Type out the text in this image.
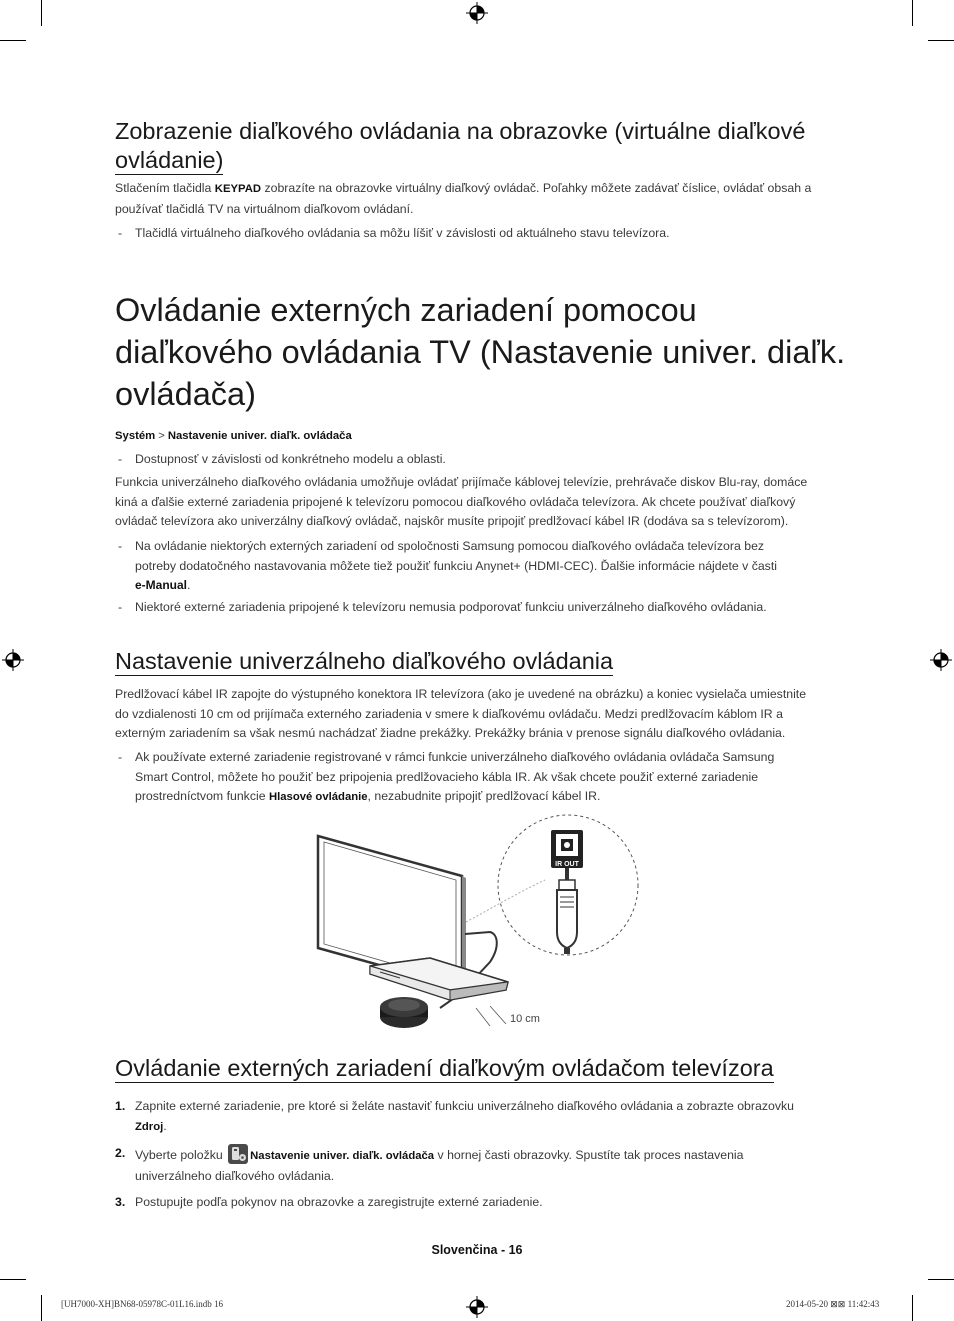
Zobrazenie diaľkového ovládania na obrazovke (virtuálne diaľkové
ovládanie)
Stlačením tlačidla KEYPAD zobrazíte na obrazovke virtuálny diaľkový ovládač. Poľahky môžete zadávať číslice, ovládať obsah a
používať tlačidlá TV na virtuálnom diaľkovom ovládaní.
- Tlačidlá virtuálneho diaľkového ovládania sa môžu líšiť v závislosti od aktuálneho stavu televízora.
Ovládanie externých zariadení pomocou
diaľkového ovládania TV (Nastavenie univer. diaľk.
ovládača)
Systém > Nastavenie univer. diaľk. ovládača
- Dostupnosť v závislosti od konkrétneho modelu a oblasti.
Funkcia univerzálneho diaľkového ovládania umožňuje ovládať prijímače káblovej televízie, prehrávače diskov Blu-ray, domáce
kiná a ďalšie externé zariadenia pripojené k televízoru pomocou diaľkového ovládača televízora. Ak chcete používať diaľkový
ovládač televízora ako univerzálny diaľkový ovládač, najskôr musíte pripojiť predlžovací kábel IR (dodáva sa s televízorom).
- Na ovládanie niektorých externých zariadení od spoločnosti Samsung pomocou diaľkového ovládača televízora bez
potreby dodatočného nastavovania môžete tiež použiť funkciu Anynet+ (HDMI-CEC). Ďalšie informácie nájdete v časti
e-Manual.
- Niektoré externé zariadenia pripojené k televízoru nemusia podporovať funkciu univerzálneho diaľkového ovládania.
Nastavenie univerzálneho diaľkového ovládania
Predlžovací kábel IR zapojte do výstupného konektora IR televízora (ako je uvedené na obrázku) a koniec vysielača umiestnite
do vzdialenosti 10 cm od prijímača externého zariadenia v smere k diaľkovému ovládaču. Medzi predlžovacím káblom IR a
externým zariadením sa však nesmú nachádzať žiadne prekážky. Prekážky bránia v prenose signálu diaľkového ovládania.
- Ak používate externé zariadenie registrované v rámci funkcie univerzálneho diaľkového ovládania ovládača Samsung
Smart Control, môžete ho použiť bez pripojenia predlžovacieho kábla IR. Ak však chcete použiť externé zariadenie
prostredníctvom funkcie Hlasové ovládanie, nezabudnite pripojiť predlžovací kábel IR.
IR OUT
10 cm
Ovládanie externých zariadení diaľkovým ovládačom televízora
1. Zapnite externé zariadenie, pre ktoré si želáte nastaviť funkciu univerzálneho diaľkového ovládania a zobrazte obrazovku
Zdroj.
2. Vyberte položku Nastavenie univer. diaľk. ovládača v hornej časti obrazovky. Spustíte tak proces nastavenia
univerzálneho diaľkového ovládania.
3. Postupujte podľa pokynov na obrazovke a zaregistrujte externé zariadenie.
Slovenčina - 16
[UH7000-XH]BN68-05978C-01L16.indb 16	2014-05-20 ⊠⊠ 11:42:43
